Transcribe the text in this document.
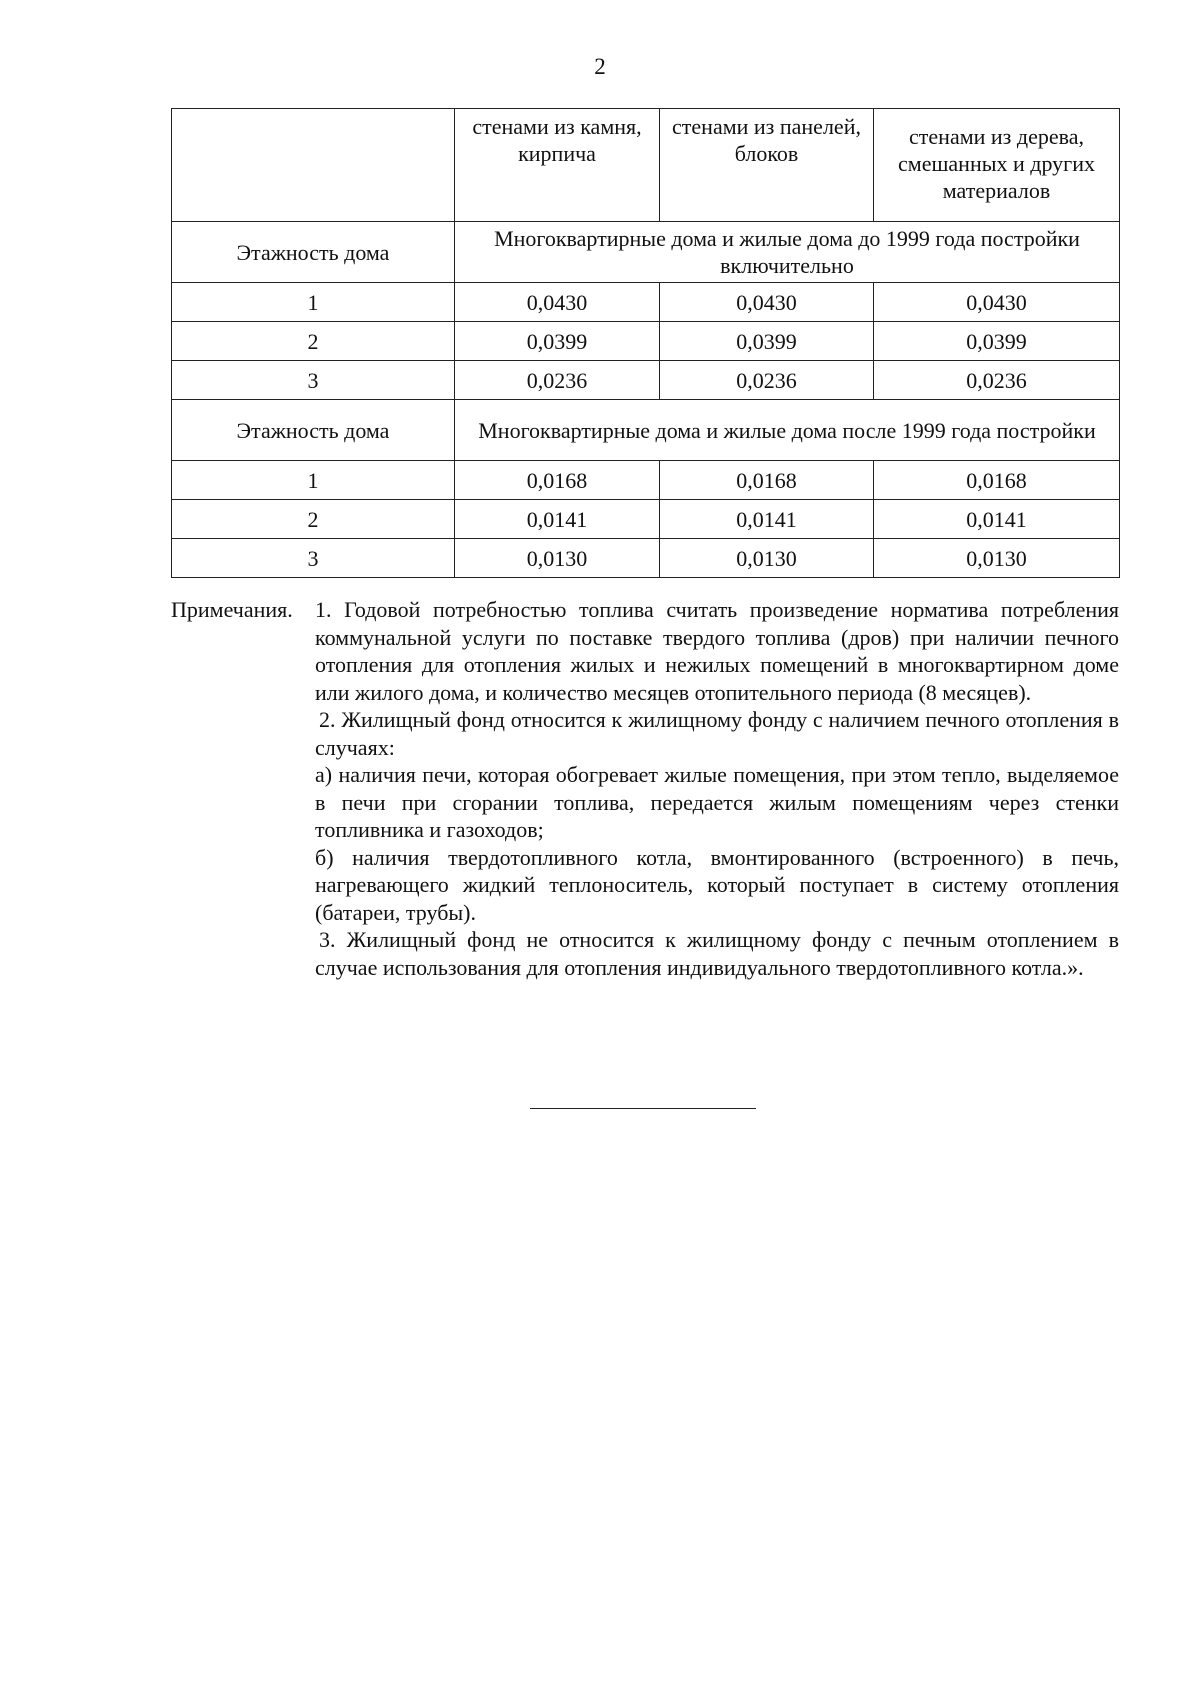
2
	стенами из камня, кирпича	стенами из панелей, блоков	стенами из дерева, смешанных и других материалов
Этажность дома	Многоквартирные дома и жилые дома до 1999 года постройки включительно		
1	0,0430	0,0430	0,0430
2	0,0399	0,0399	0,0399
3	0,0236	0,0236	0,0236
Этажность дома	Многоквартирные дома и жилые дома после 1999 года постройки		
1	0,0168	0,0168	0,0168
2	0,0141	0,0141	0,0141
3	0,0130	0,0130	0,0130
Примечания. 1. Годовой потребностью топлива считать произведение норматива потребления коммунальной услуги по поставке твердого топлива (дров) при наличии печного отопления для отопления жилых и нежилых помещений в многоквартирном доме или жилого дома, и количество месяцев отопительного периода (8 месяцев).

2. Жилищный фонд относится к жилищному фонду с наличием печного отопления в случаях:

а) наличия печи, которая обогревает жилые помещения, при этом тепло, выделяемое в печи при сгорании топлива, передается жилым помещениям через стенки топливника и газоходов;

б) наличия твердотопливного котла, вмонтированного (встроенного) в печь, нагревающего жидкий теплоноситель, который поступает в систему отопления (батареи, трубы).

3. Жилищный фонд не относится к жилищному фонду с печным отоплением в случае использования для отопления индивидуального твердотопливного котла.».
